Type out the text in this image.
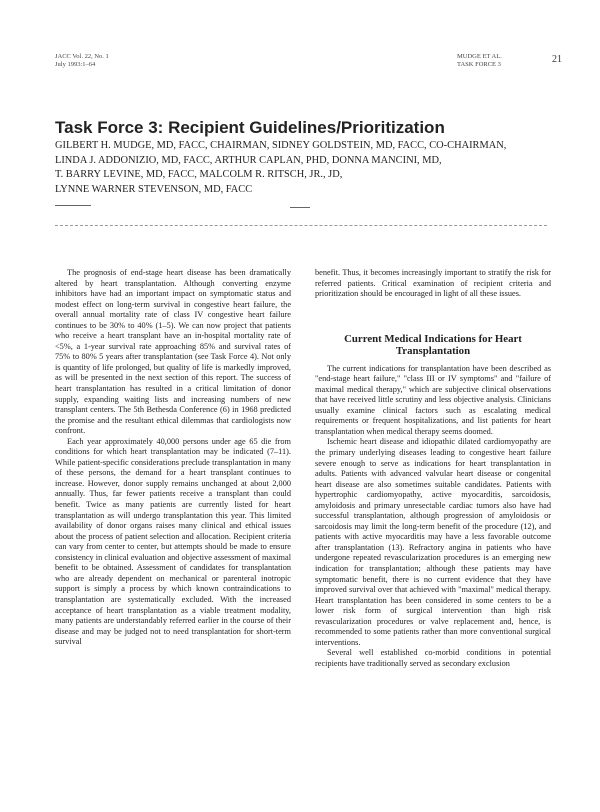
JACC Vol. 22, No. 1
July 1993:1–64
MUDGE ET AL.
TASK FORCE 3	21
Task Force 3: Recipient Guidelines/Prioritization
GILBERT H. MUDGE, MD, FACC, CHAIRMAN, SIDNEY GOLDSTEIN, MD, FACC, CO-CHAIRMAN,
LINDA J. ADDONIZIO, MD, FACC, ARTHUR CAPLAN, PHD, DONNA MANCINI, MD,
T. BARRY LEVINE, MD, FACC, MALCOLM R. RITSCH, JR., JD,
LYNNE WARNER STEVENSON, MD, FACC

The prognosis of end-stage heart disease has been dramatically altered by heart transplantation. Although converting enzyme inhibitors have had an important impact on symptomatic status and modest effect on long-term survival in congestive heart failure, the overall annual mortality rate of class IV congestive heart failure continues to be 30% to 40% (1–5). We can now project that patients who receive a heart transplant have an in-hospital mortality rate of <5%, a 1-year survival rate approaching 85% and survival rates of 75% to 80% 5 years after transplantation (see Task Force 4). Not only is quantity of life prolonged, but quality of life is markedly improved, as will be presented in the next section of this report. The success of heart transplantation has resulted in a critical limitation of donor supply, expanding waiting lists and increasing numbers of new transplant centers. The 5th Bethesda Conference (6) in 1968 predicted the promise and the resultant ethical dilemmas that cardiologists now confront.

Each year approximately 40,000 persons under age 65 die from conditions for which heart transplantation may be indicated (7–11). While patient-specific considerations preclude transplantation in many of these persons, the demand for a heart transplant continues to increase. However, donor supply remains unchanged at about 2,000 annually. Thus, far fewer patients receive a transplant than could benefit. Twice as many patients are currently listed for heart transplantation as will undergo transplantation this year. This limited availability of donor organs raises many clinical and ethical issues about the process of patient selection and allocation. Recipient criteria can vary from center to center, but attempts should be made to ensure consistency in clinical evaluation and objective assessment of maximal benefit to be obtained. Assessment of candidates for transplantation who are already dependent on mechanical or parenteral inotropic support is simply a process by which known contraindications to transplantation are systematically excluded. With the increased acceptance of heart transplantation as a viable treatment modality, many patients are understandably referred earlier in the course of their disease and may be judged not to need transplantation for short-term survival

benefit. Thus, it becomes increasingly important to stratify the risk for referred patients. Critical examination of recipient criteria and prioritization should be encouraged in light of all these issues.

Current Medical Indications for Heart Transplantation

The current indications for transplantation have been described as "end-stage heart failure," "class III or IV symptoms" and "failure of maximal medical therapy," which are subjective clinical observations that have received little scrutiny and less objective analysis. Clinicians usually examine clinical factors such as escalating medical requirements or frequent hospitalizations, and list patients for heart transplantation when medical therapy seems doomed.

Ischemic heart disease and idiopathic dilated cardiomyopathy are the primary underlying diseases leading to congestive heart failure severe enough to serve as indications for heart transplantation in adults. Patients with advanced valvular heart disease or congenital heart disease are also sometimes suitable candidates. Patients with hypertrophic cardiomyopathy, active myocarditis, sarcoidosis, amyloidosis and primary unresectable cardiac tumors also have had successful transplantation, although progression of amyloidosis or sarcoidosis may limit the long-term benefit of the procedure (12), and patients with active myocarditis may have a less favorable outcome after transplantation (13). Refractory angina in patients who have undergone repeated revascularization procedures is an emerging new indication for transplantation; although these patients may have symptomatic benefit, there is no current evidence that they have improved survival over that achieved with "maximal" medical therapy. Heart transplantation has been considered in some centers to be a lower risk form of surgical intervention than high risk revascularization procedures or valve replacement and, hence, is recommended to some patients rather than more conventional surgical interventions.

Several well established co-morbid conditions in potential recipients have traditionally served as secondary exclusion
